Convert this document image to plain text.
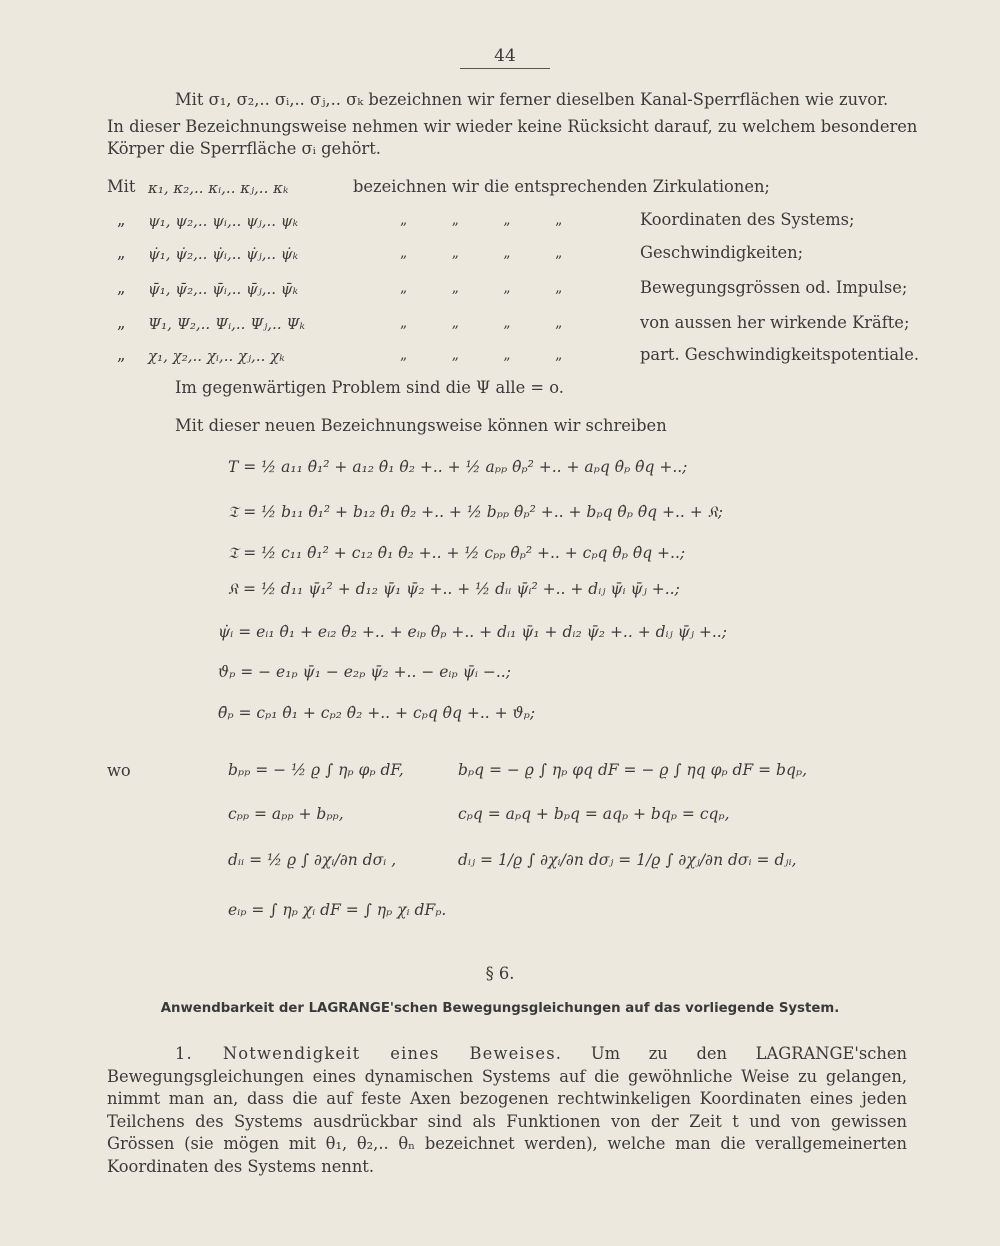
44
Mit σ₁, σ₂,.. σᵢ,.. σⱼ,.. σₖ bezeichnen wir ferner dieselben Kanal-Sperrflächen wie zuvor.
In dieser Bezeichnungsweise nehmen wir wieder keine Rücksicht darauf, zu welchem besonderen
Körper die Sperrfläche σᵢ gehört.
Mit κ₁, κ₂,.. κᵢ,.. κⱼ,.. κₖ	bezeichnen wir die entsprechenden Zirkulationen;
„ ψ₁, ψ₂,.. ψᵢ,.. ψⱼ,.. ψₖ	„ „ „ „	Koordinaten des Systems;
„ ψ̇₁, ψ̇₂,.. ψ̇ᵢ,.. ψ̇ⱼ,.. ψ̇ₖ	„ „ „ „	Geschwindigkeiten;
„ ψ̄₁, ψ̄₂,.. ψ̄ᵢ,.. ψ̄ⱼ,.. ψ̄ₖ	„ „ „ „	Bewegungsgrössen od. Impulse;
„ Ψ₁, Ψ₂,.. Ψᵢ,.. Ψⱼ,.. Ψₖ	„ „ „ „	von aussen her wirkende Kräfte;
„ χ₁, χ₂,.. χᵢ,.. χⱼ,.. χₖ	„ „ „ „	part. Geschwindigkeitspotentiale.
Im gegenwärtigen Problem sind die Ψ alle = o.
Mit dieser neuen Bezeichnungsweise können wir schreiben
T = ½ a₁₁ θ̇₁² + a₁₂ θ̇₁ θ̇₂ +.. + ½ aₚₚ θ̇ₚ² +.. + aₚq θ̇ₚ θ̇q +..;
𝔗 = ½ b₁₁ θ̇₁² + b₁₂ θ̇₁ θ̇₂ +.. + ½ bₚₚ θ̇ₚ² +.. + bₚq θ̇ₚ θ̇q +.. + 𝔎;
𝔗 = ½ c₁₁ θ̇₁² + c₁₂ θ̇₁ θ̇₂ +.. + ½ cₚₚ θ̇ₚ² +.. + cₚq θ̇ₚ θ̇q +..;
𝔎 = ½ d₁₁ ψ̄₁² + d₁₂ ψ̄₁ ψ̄₂ +.. + ½ dᵢᵢ ψ̄ᵢ² +.. + dᵢⱼ ψ̄ᵢ ψ̄ⱼ +..;
ψ̇ᵢ = eᵢ₁ θ̇₁ + eᵢ₂ θ̇₂ +.. + eᵢₚ θ̇ₚ +.. + dᵢ₁ ψ̄₁ + dᵢ₂ ψ̄₂ +.. + dᵢⱼ ψ̄ⱼ +..;
ϑₚ = − e₁ₚ ψ̄₁ − e₂ₚ ψ̄₂ +.. − eᵢₚ ψ̄ᵢ −..;
θ̄ₚ = cₚ₁ θ̇₁ + cₚ₂ θ̇₂ +.. + cₚq θ̇q +.. + ϑₚ;
wo	bₚₚ = − ½ ϱ ∫ ηₚ φₚ dF,	bₚq = − ϱ ∫ ηₚ φq dF = − ϱ ∫ ηq φₚ dF = bqₚ,
cₚₚ = aₚₚ + bₚₚ,	cₚq = aₚq + bₚq = aqₚ + bqₚ = cqₚ,
dᵢᵢ = ½ ϱ ∫ ∂χᵢ/∂n dσᵢ ,	dᵢⱼ = 1/ϱ ∫ ∂χᵢ/∂n dσⱼ = 1/ϱ ∫ ∂χⱼ/∂n dσᵢ = dⱼᵢ,
eᵢₚ = ∫ ηₚ χᵢ dF = ∫ ηₚ χᵢ dFₚ.
§ 6.
Anwendbarkeit der LAGRANGE'schen Bewegungsgleichungen auf das vorliegende System.
1. Notwendigkeit eines Beweises. Um zu den LAGRANGE'schen Bewegungsgleichungen eines dynamischen Systems auf die gewöhnliche Weise zu gelangen, nimmt man an, dass die auf feste Axen bezogenen rechtwinkeligen Koordinaten eines jeden Teilchens des Systems ausdrückbar sind als Funktionen von der Zeit t und von gewissen Grössen (sie mögen mit θ₁, θ₂,.. θₙ bezeichnet werden), welche man die verallgemeinerten Koordinaten des Systems nennt.
